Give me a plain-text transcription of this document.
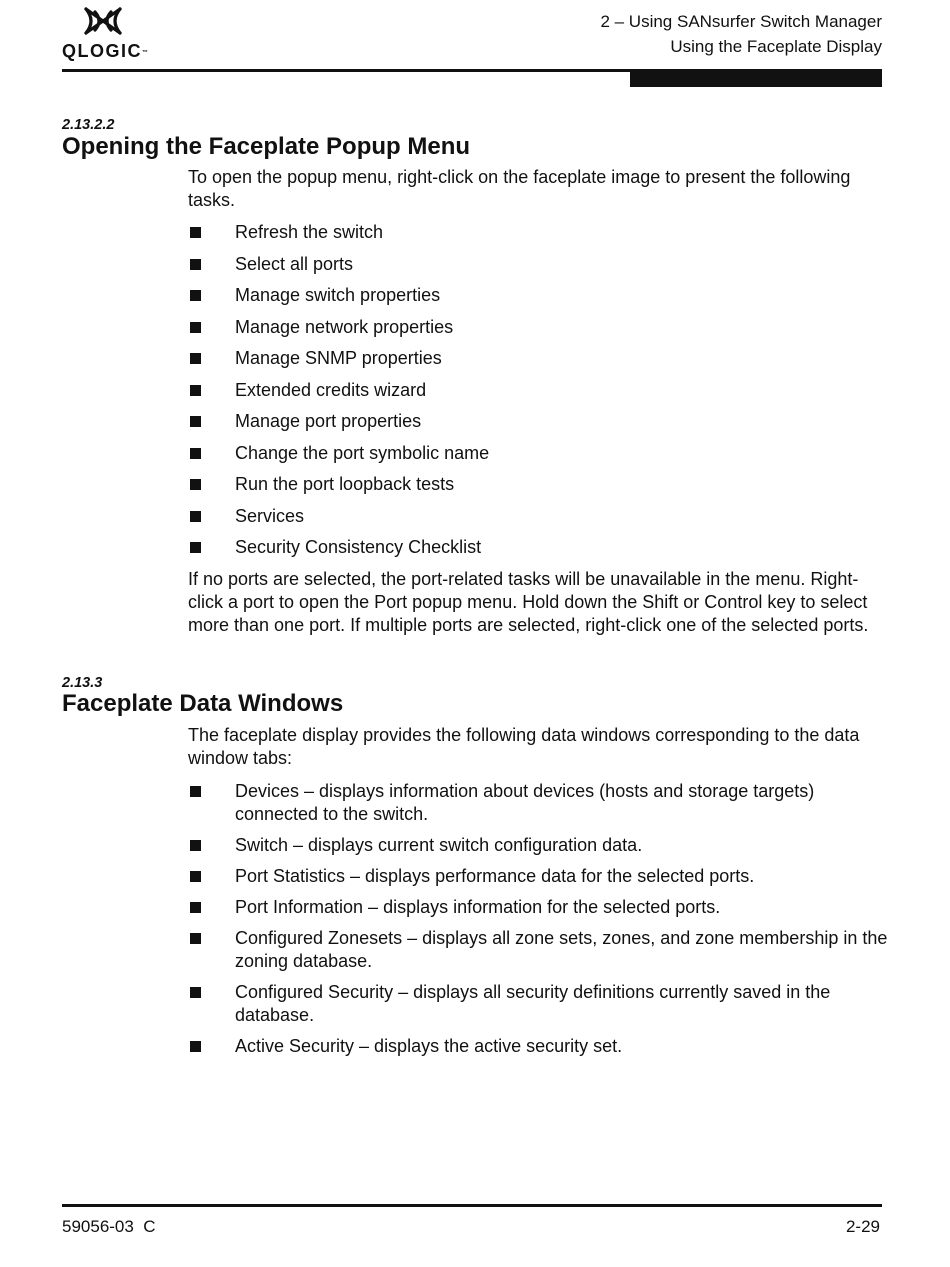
QLOGIC™
2 – Using SANsurfer Switch Manager
Using the Faceplate Display
2.13.2.2
Opening the Faceplate Popup Menu

To open the popup menu, right-click on the faceplate image to present the following tasks.

Refresh the switch
Select all ports
Manage switch properties
Manage network properties
Manage SNMP properties
Extended credits wizard
Manage port properties
Change the port symbolic name
Run the port loopback tests
Services
Security Consistency Checklist

If no ports are selected, the port-related tasks will be unavailable in the menu. Right-click a port to open the Port popup menu. Hold down the Shift or Control key to select more than one port. If multiple ports are selected, right-click one of the selected ports.

2.13.3
Faceplate Data Windows

The faceplate display provides the following data windows corresponding to the data window tabs:

Devices – displays information about devices (hosts and storage targets) connected to the switch.
Switch – displays current switch configuration data.
Port Statistics – displays performance data for the selected ports.
Port Information – displays information for the selected ports.
Configured Zonesets – displays all zone sets, zones, and zone membership in the zoning database.
Configured Security – displays all security definitions currently saved in the database.
Active Security – displays the active security set.
59056-03  C	2-29
